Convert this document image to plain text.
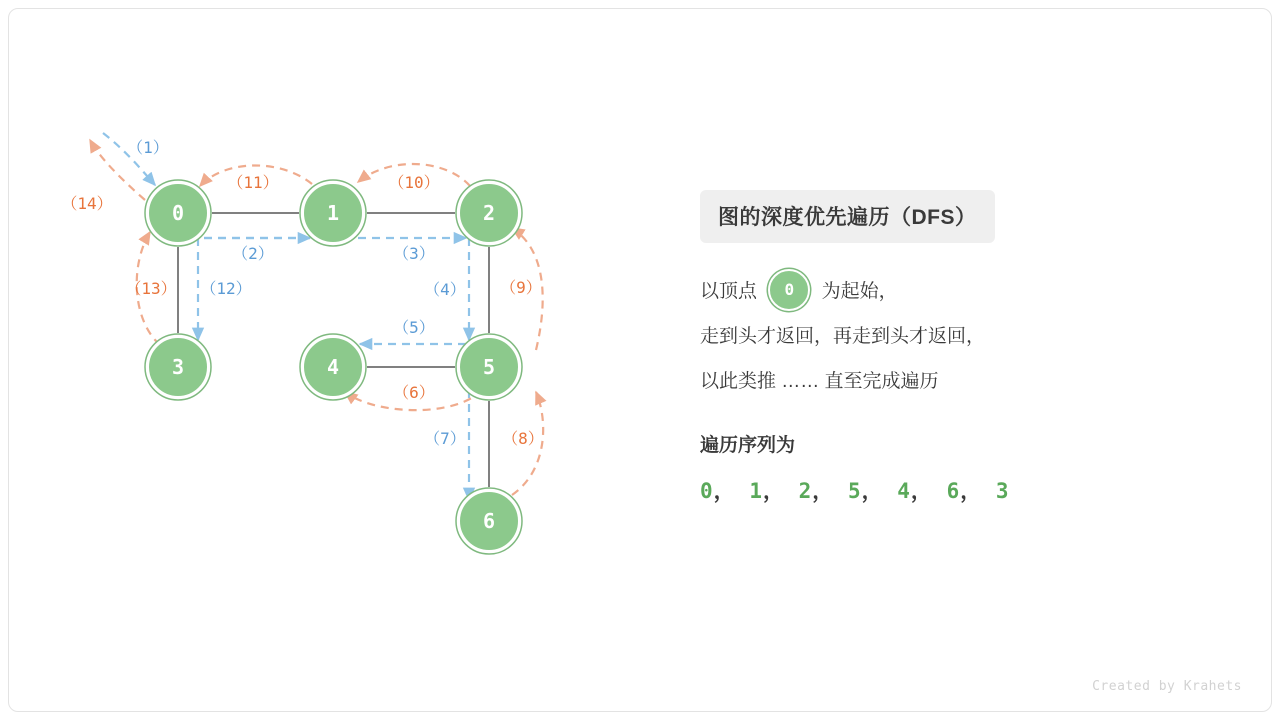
0	1	2
3	4	5
6
（1）
（2）	（3）
（4）
（5）
（6）
（7） （8）
（9）
（10）
（11）
（12）
（13）
（14）
图的深度优先遍历（DFS）
以顶点 0 为起始，
走到头才返回，再走到头才返回，
以此类推 …… 直至完成遍历
遍历序列为
0， 1， 2， 5， 4， 6， 3
Created by Krahets
